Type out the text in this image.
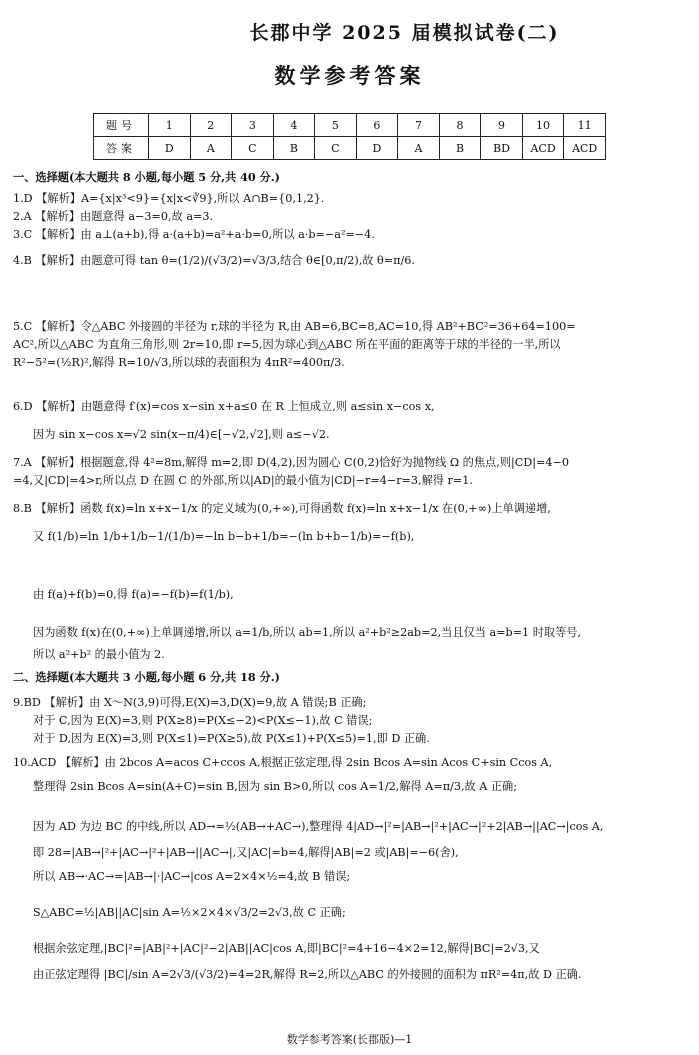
长郡中学 2025 届模拟试卷(二)
数学参考答案
题号	1	2	3	4	5	6	7	8	9	10	11
答案	D	A	C	B	C	D	A	B	BD	ACD	ACD
一、选择题(本大题共 8 小题,每小题 5 分,共 40 分.)
1.D 【解析】A={x|x³<9}={x|x<∛9},所以 A∩B={0,1,2}.
2.A 【解析】由题意得 a−3=0,故 a=3.
3.C 【解析】由 a⊥(a+b),得 a·(a+b)=a²+a·b=0,所以 a·b=−a²=−4.
4.B 【解析】由题意可得 tan θ=(1/2)/(√3/2)=√3/3,结合 θ∈[0,π/2),故 θ=π/6.
5.C 【解析】令△ABC 外接圆的半径为 r,球的半径为 R,由 AB=6,BC=8,AC=10,得 AB²+BC²=36+64=100=
AC²,所以△ABC 为直角三角形,则 2r=10,即 r=5,因为球心到△ABC 所在平面的距离等于球的半径的一半,所以
R²−5²=(½R)²,解得 R=10/√3,所以球的表面积为 4πR²=400π/3.
6.D 【解析】由题意得 f′(x)=cos x−sin x+a≤0 在 R 上恒成立,则 a≤sin x−cos x,
因为 sin x−cos x=√2 sin(x−π/4)∈[−√2,√2],则 a≤−√2.
7.A 【解析】根据题意,得 4²=8m,解得 m=2,即 D(4,2),因为圆心 C(0,2)恰好为抛物线 Ω 的焦点,则|CD|=4−0
=4,又|CD|=4>r,所以点 D 在圆 C 的外部,所以|AD|的最小值为|CD|−r=4−r=3,解得 r=1.
8.B 【解析】函数 f(x)=ln x+x−1/x 的定义域为(0,+∞),可得函数 f(x)=ln x+x−1/x 在(0,+∞)上单调递增,
又 f(1/b)=ln 1/b+1/b−1/(1/b)=−ln b−b+1/b=−(ln b+b−1/b)=−f(b),
由 f(a)+f(b)=0,得 f(a)=−f(b)=f(1/b),
因为函数 f(x)在(0,+∞)上单调递增,所以 a=1/b,所以 ab=1,所以 a²+b²≥2ab=2,当且仅当 a=b=1 时取等号,
所以 a²+b² 的最小值为 2.
二、选择题(本大题共 3 小题,每小题 6 分,共 18 分.)
9.BD 【解析】由 X～N(3,9)可得,E(X)=3,D(X)=9,故 A 错误;B 正确;
对于 C,因为 E(X)=3,则 P(X≥8)=P(X≤−2)<P(X≤−1),故 C 错误;
对于 D,因为 E(X)=3,则 P(X≤1)=P(X≥5),故 P(X≤1)+P(X≤5)=1,即 D 正确.
10.ACD 【解析】由 2bcos A=acos C+ccos A,根据正弦定理,得 2sin Bcos A=sin Acos C+sin Ccos A,
整理得 2sin Bcos A=sin(A+C)=sin B,因为 sin B>0,所以 cos A=1/2,解得 A=π/3,故 A 正确;
因为 AD 为边 BC 的中线,所以 AD→=½(AB→+AC→),整理得 4|AD→|²=|AB→|²+|AC→|²+2|AB→||AC→|cos A,
即 28=|AB→|²+|AC→|²+|AB→||AC→|,又|AC|=b=4,解得|AB|=2 或|AB|=−6(舍),
所以 AB→·AC→=|AB→|·|AC→|cos A=2×4×½=4,故 B 错误;
S△ABC=½|AB||AC|sin A=½×2×4×√3/2=2√3,故 C 正确;
根据余弦定理,|BC|²=|AB|²+|AC|²−2|AB||AC|cos A,即|BC|²=4+16−4×2=12,解得|BC|=2√3,又
由正弦定理得 |BC|/sin A=2√3/(√3/2)=4=2R,解得 R=2,所以△ABC 的外接圆的面积为 πR²=4π,故 D 正确.
数学参考答案(长郡版)—1
